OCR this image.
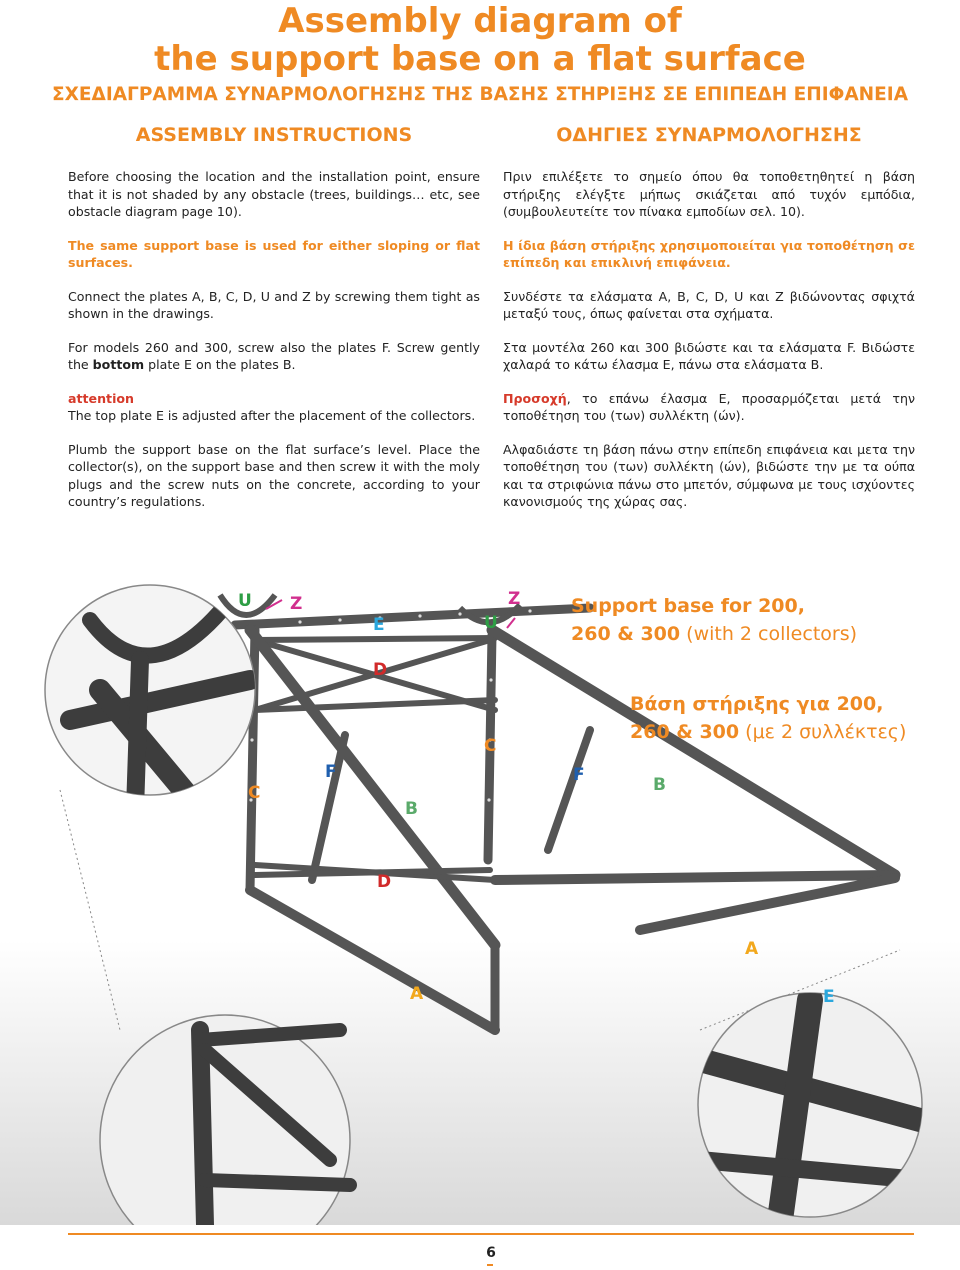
Assembly diagram of
the support base on a flat surface
ΣΧΕΔΙΑΓΡΑΜΜΑ ΣΥΝΑΡΜΟΛΟΓΗΣΗΣ ΤΗΣ ΒΑΣΗΣ ΣΤΗΡΙΞΗΣ ΣΕ ΕΠΙΠΕΔΗ ΕΠΙΦΑΝΕΙΑ
ASSEMBLY INSTRUCTIONS	ΟΔΗΓΙΕΣ ΣΥΝΑΡΜΟΛΟΓΗΣΗΣ

Before choosing the location and the installation point, ensure that it is not shaded by any obstacle (trees, buildings… etc, see obstacle diagram page 10).

The same support base is used for either sloping or flat surfaces.

Connect the plates A, B, C, D, U and Z by screwing them tight as shown in the drawings.

For models 260 and 300, screw also the plates F. Screw gently the bottom plate E on the plates B.

attention
The top plate E is adjusted after the placement of the collectors.

Plumb the support base on the flat surface’s level. Place the collector(s), on the support base and then screw it with the moly plugs and the screw nuts on the concrete, according to your country’s regulations.

Πριν επιλέξετε το σημείο όπου θα τοποθετηθητεί η βάση στήριξης ελέγξτε μήπως σκιάζεται από τυχόν εμπόδια, (συμβουλευτείτε τον πίνακα εμποδίων σελ. 10).

Η ίδια βάση στήριξης χρησιμοποιείται για τοποθέτηση σε επίπεδη και επικλινή επιφάνεια.

Συνδέστε τα ελάσματα A, B, C, D, U και Z βιδώνοντας σφιχτά μεταξύ τους, όπως φαίνεται στα σχήματα.

Στα μοντέλα 260 και 300 βιδώστε και τα ελάσματα F. Βιδώστε χαλαρά το κάτω έλασμα E, πάνω στα ελάσματα B.

Προσοχή, το επάνω έλασμα Ε, προσαρμόζεται μετά την τοποθέτηση του (των) συλλέκτη (ών).

Αλφαδιάστε τη βάση πάνω στην επίπεδη επιφάνεια και μετα την τοποθέτηση του (των) συλλέκτη (ών), βιδώστε την με τα ούπα και τα στριφώνια πάνω στο μπετόν, σύμφωνα με τους ισχύοντες κανονισμούς της χώρας σας.

U Z
E	U
Z
D
C
F
C
F
B
B
D
A
A	E
Support base for 200,
260 & 300 (with 2 collectors)
Βάση στήριξης για 200,
260 & 300 (με 2 συλλέκτες)
6
